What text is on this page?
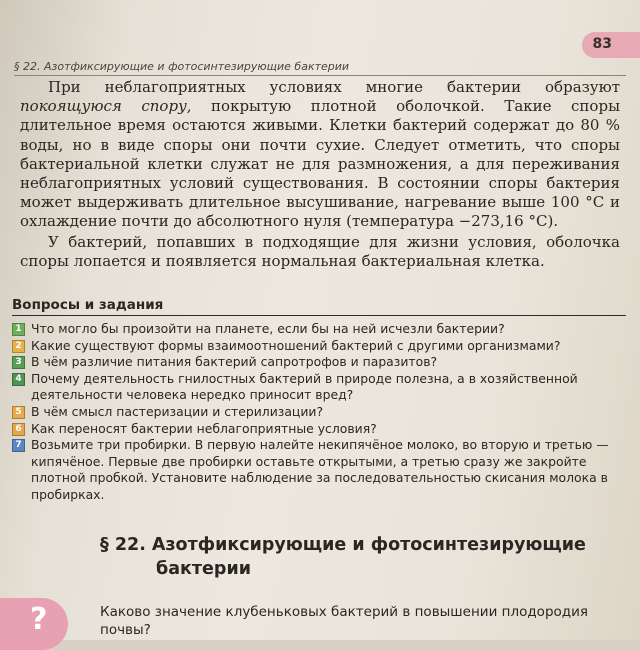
83
§ 22. Азотфиксирующие и фотосинтезирующие бактерии

При неблагоприятных условиях многие бактерии образуют покоящуюся спору, покрытую плотной оболочкой. Такие споры длительное время остаются живыми. Клетки бактерий содержат до 80 % воды, но в виде споры они почти сухие. Следует отметить, что споры бактериальной клетки служат не для размножения, а для переживания неблагоприятных условий существования. В состоянии споры бактерия может выдерживать длительное высушивание, нагревание выше 100 °С и охлаждение почти до абсолютного нуля (температура −273,16 °С).

У бактерий, попавших в подходящие для жизни условия, оболочка споры лопается и появляется нормальная бактериальная клетка.

Вопросы и задания
1 Что могло бы произойти на планете, если бы на ней исчезли бактерии?
2 Какие существуют формы взаимоотношений бактерий с другими организмами?
3 В чём различие питания бактерий сапротрофов и паразитов?
4 Почему деятельность гнилостных бактерий в природе полезна, а в хозяйственной деятельности человека нередко приносит вред?
5 В чём смысл пастеризации и стерилизации?
6 Как переносят бактерии неблагоприятные условия?
7 Возьмите три пробирки. В первую налейте некипячёное молоко, во вторую и третью — кипячёное. Первые две пробирки оставьте открытыми, а третью сразу же закройте плотной пробкой. Установите наблюдение за последовательностью скисания молока в пробирках.
§ 22. Азотфиксирующие и фотосинтезирующие
бактерии
?	Каково значение клубеньковых бактерий в повышении плодородия почвы?
